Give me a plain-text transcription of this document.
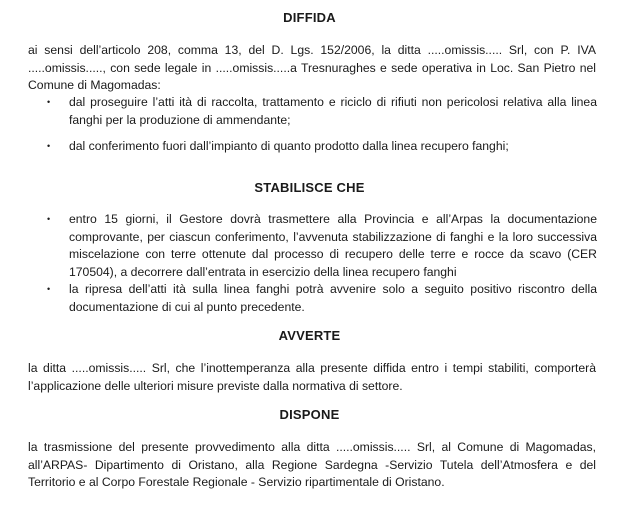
DIFFIDA
ai sensi dell’articolo 208, comma 13, del D. Lgs. 152/2006, la ditta .....omissis..... Srl, con P. IVA .....omissis....., con sede legale in .....omissis.....a Tresnuraghes e sede operativa in Loc. San Pietro nel Comune di Magomadas:
• dal proseguire l’atti ità di raccolta, trattamento e riciclo di rifiuti non pericolosi relativa alla linea fanghi per la produzione di ammendante;
• dal conferimento fuori dall’impianto di quanto prodotto dalla linea recupero fanghi;
STABILISCE CHE
• entro 15 giorni, il Gestore dovrà trasmettere alla Provincia e all’Arpas la documentazione comprovante, per ciascun conferimento, l’avvenuta stabilizzazione di fanghi e la loro successiva miscelazione con terre ottenute dal processo di recupero delle terre e rocce da scavo (CER 170504), a decorrere dall’entrata in esercizio della linea recupero fanghi
• la ripresa dell’atti ità sulla linea fanghi potrà avvenire solo a seguito positivo riscontro della documentazione di cui al punto precedente.
AVVERTE
la ditta .....omissis..... Srl, che l’inottemperanza alla presente diffida entro i tempi stabiliti, comporterà l’applicazione delle ulteriori misure previste dalla normativa di settore.
DISPONE
la trasmissione del presente provvedimento alla ditta .....omissis..... Srl, al Comune di Magomadas, all’ARPAS- Dipartimento di Oristano, alla Regione Sardegna -Servizio Tutela dell’Atmosfera e del Territorio e al Corpo Forestale Regionale - Servizio ripartimentale di Oristano.
